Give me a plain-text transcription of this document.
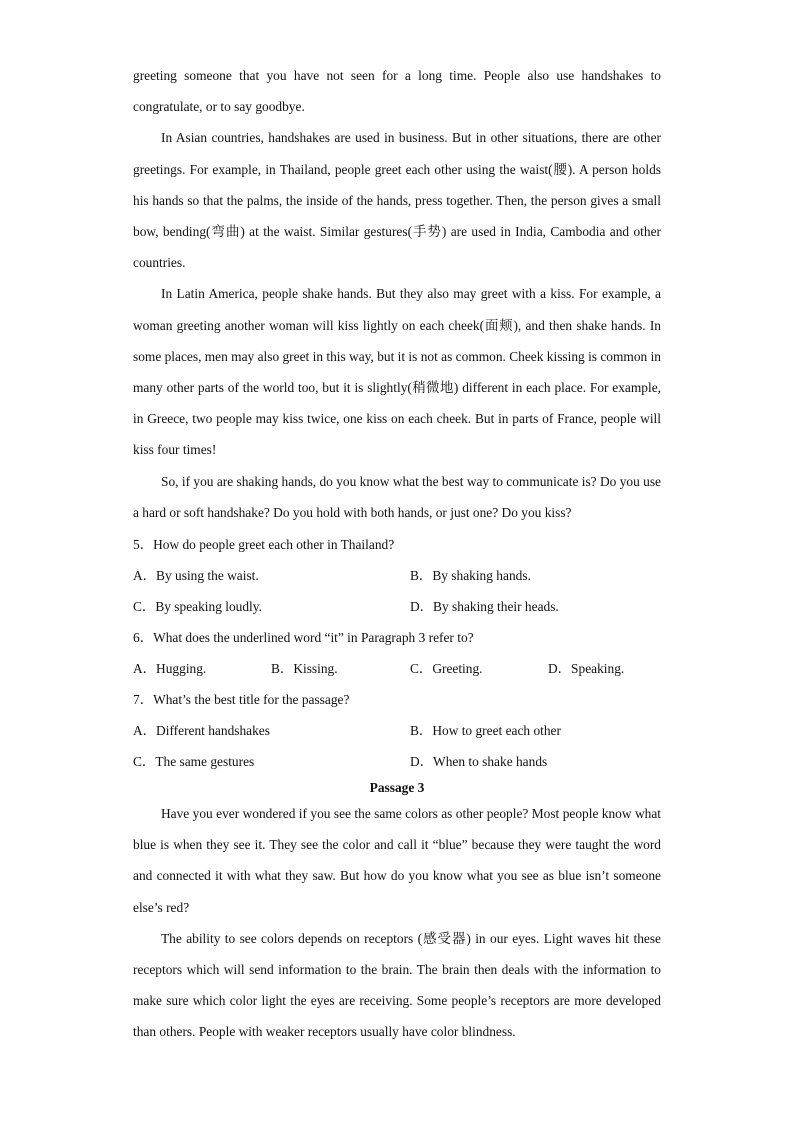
greeting someone that you have not seen for a long time. People also use handshakes to congratulate, or to say goodbye.

In Asian countries, handshakes are used in business. But in other situations, there are other greetings. For example, in Thailand, people greet each other using the waist(腰). A person holds his hands so that the palms, the inside of the hands, press together. Then, the person gives a small bow, bending(弯曲) at the waist. Similar gestures(手势) are used in India, Cambodia and other countries.

In Latin America, people shake hands. But they also may greet with a kiss. For example, a woman greeting another woman will kiss lightly on each cheek(面颊), and then shake hands. In some places, men may also greet in this way, but it is not as common. Cheek kissing is common in many other parts of the world too, but it is slightly(稍微地) different in each place. For example, in Greece, two people may kiss twice, one kiss on each cheek. But in parts of France, people will kiss four times!

So, if you are shaking hands, do you know what the best way to communicate is? Do you use a hard or soft handshake? Do you hold with both hands, or just one? Do you kiss?

5．How do people greet each other in Thailand?
A．By using the waist.	B．By shaking hands.
C．By speaking loudly.	D．By shaking their heads.
6．What does the underlined word “it” in Paragraph 3 refer to?
A．Hugging.	B．Kissing.	C．Greeting.	D．Speaking.
7．What’s the best title for the passage?
A．Different handshakes	B．How to greet each other
C．The same gestures	D．When to shake hands
Passage 3

Have you ever wondered if you see the same colors as other people? Most people know what blue is when they see it. They see the color and call it “blue” because they were taught the word and connected it with what they saw. But how do you know what you see as blue isn’t someone else’s red?

The ability to see colors depends on receptors (感受器) in our eyes. Light waves hit these receptors which will send information to the brain. The brain then deals with the information to make sure which color light the eyes are receiving. Some people’s receptors are more developed than others. People with weaker receptors usually have color blindness.
